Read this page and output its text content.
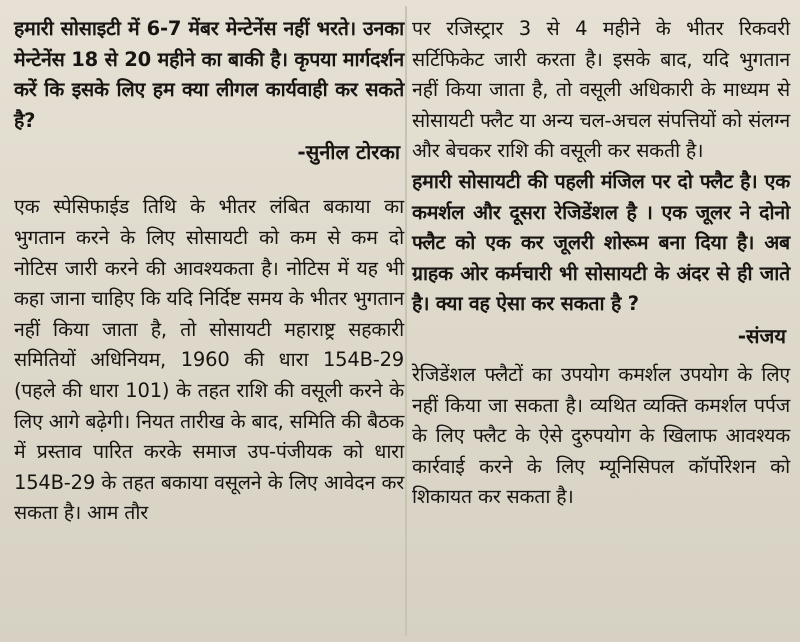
हमारी सोसाइटी में 6-7 मेंबर मेन्टेनेंस नहीं भरते। उनका मेन्टेनेंस 18 से 20 महीने का बाकी है। कृपया मार्गदर्शन करें कि इसके लिए हम क्या लीगल कार्यवाही कर सकते है?

-सुनील टोरका

एक स्पेसिफाईड तिथि के भीतर लंबित बकाया का भुगतान करने के लिए सोसायटी को कम से कम दो नोटिस जारी करने की आवश्यकता है। नोटिस में यह भी कहा जाना चाहिए कि यदि निर्दिष्ट समय के भीतर भुगतान नहीं किया जाता है, तो सोसायटी महाराष्ट्र सहकारी समितियों अधिनियम, 1960 की धारा 154B-29 (पहले की धारा 101) के तहत राशि की वसूली करने के लिए आगे बढ़ेगी। नियत तारीख के बाद, समिति की बैठक में प्रस्ताव पारित करके समाज उप-पंजीयक को धारा 154B-29 के तहत बकाया वसूलने के लिए आवेदन कर सकता है। आम तौर

पर रजिस्ट्रार 3 से 4 महीने के भीतर रिकवरी सर्टिफिकेट जारी करता है। इसके बाद, यदि भुगतान नहीं किया जाता है, तो वसूली अधिकारी के माध्यम से सोसायटी फ्लैट या अन्य चल-अचल संपत्तियों को संलग्न और बेचकर राशि की वसूली कर सकती है।

हमारी सोसायटी की पहली मंजिल पर दो फ्लैट है। एक कमर्शल और दूसरा रेजिडेंशल है । एक जूलर ने दोनो फ्लैट को एक कर जूलरी शोरूम बना दिया है। अब ग्राहक ओर कर्मचारी भी सोसायटी के अंदर से ही जाते है। क्या वह ऐसा कर सकता है ?

-संजय

रेजिडेंशल फ्लैटों का उपयोग कमर्शल उपयोग के लिए नहीं किया जा सकता है। व्यथित व्यक्ति कमर्शल पर्पज के लिए फ्लैट के ऐसे दुरुपयोग के खिलाफ आवश्यक कार्रवाई करने के लिए म्यूनिसिपल कॉर्पोरेशन को शिकायत कर सकता है।
